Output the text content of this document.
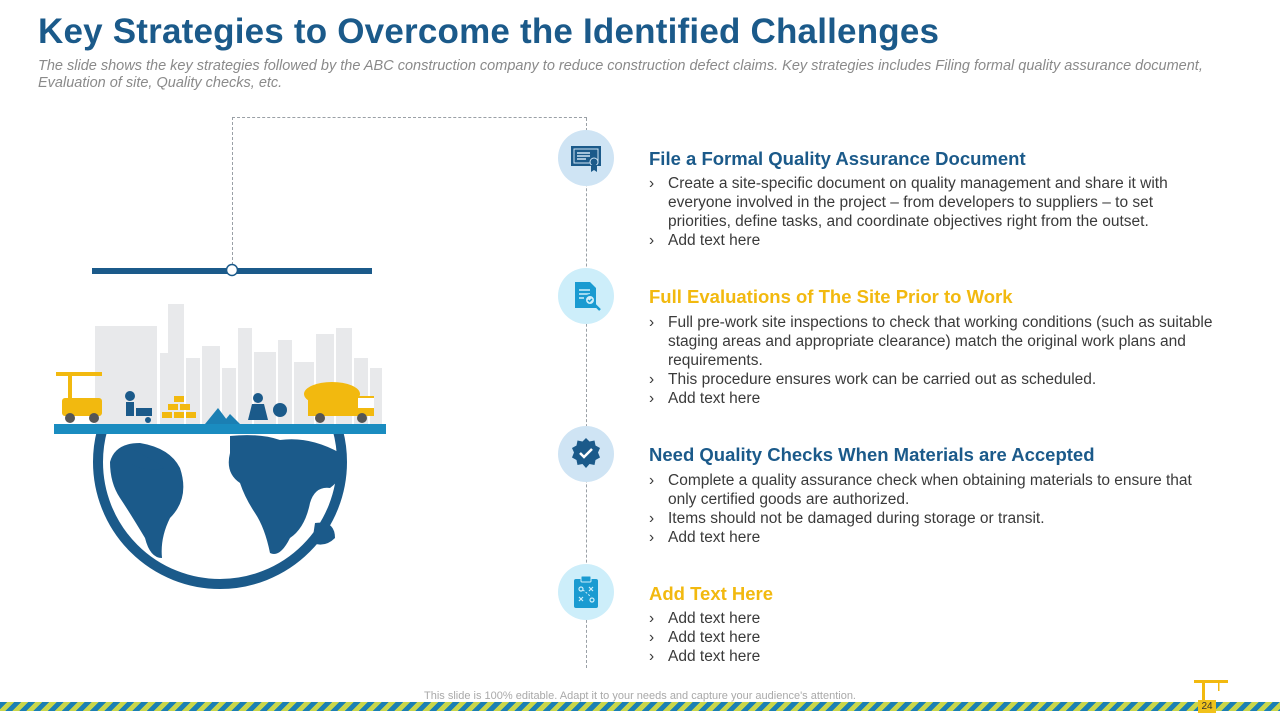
Key Strategies to Overcome the Identified Challenges

The slide shows the key strategies followed by the ABC construction company to reduce construction defect claims. Key strategies includes Filing formal quality assurance document, Evaluation of site, Quality checks, etc.

File a Formal Quality Assurance Document
› Create a site-specific document on quality management and share it with everyone involved in the project – from developers to suppliers – to set priorities, define tasks, and coordinate objectives right from the outset.
› Add text here
Full Evaluations of The Site Prior to Work
› Full pre-work site inspections to check that working conditions (such as suitable staging areas and appropriate clearance) match the original work plans and requirements.
› This procedure ensures work can be carried out as scheduled.
› Add text here
Need Quality Checks When Materials are Accepted
› Complete a quality assurance check when obtaining materials to ensure that only certified goods are authorized.
› Items should not be damaged during storage or transit.
› Add text here
Add Text Here
› Add text here
› Add text here
› Add text here
This slide is 100% editable. Adapt it to your needs and capture your audience's attention.
24
